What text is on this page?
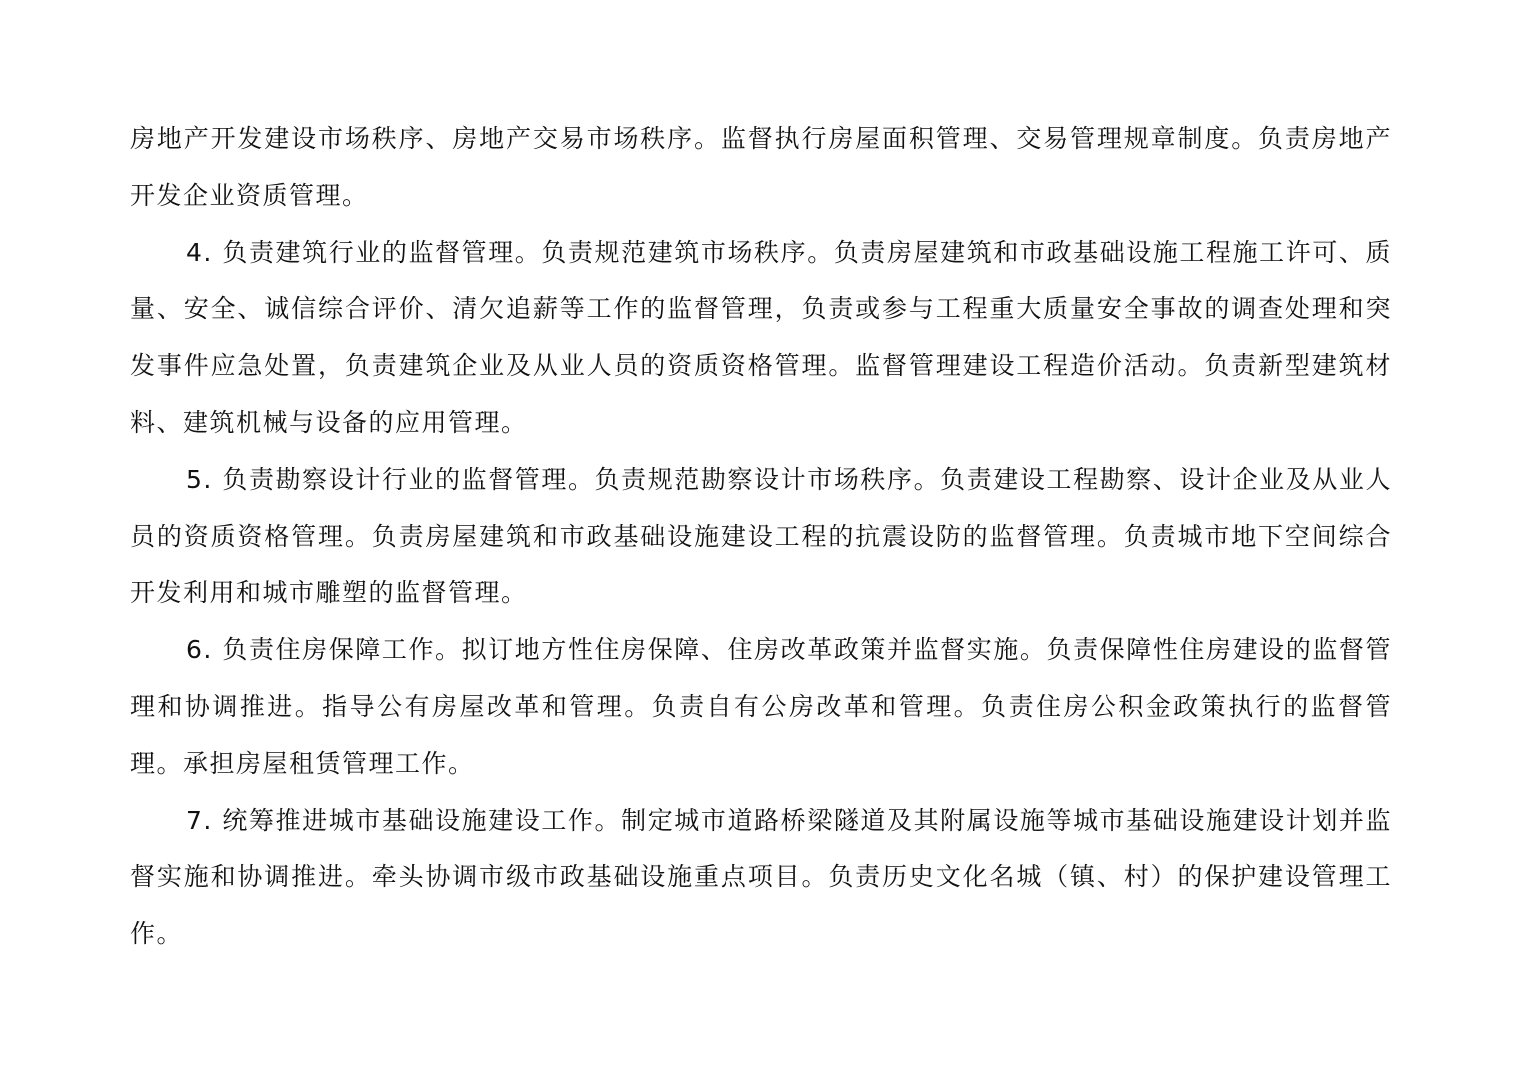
房地产开发建设市场秩序、房地产交易市场秩序。监督执行房屋面积管理、交易管理规章制度。负责房地产开发企业资质管理。

4. 负责建筑行业的监督管理。负责规范建筑市场秩序。负责房屋建筑和市政基础设施工程施工许可、质量、安全、诚信综合评价、清欠追薪等工作的监督管理，负责或参与工程重大质量安全事故的调查处理和突发事件应急处置，负责建筑企业及从业人员的资质资格管理。监督管理建设工程造价活动。负责新型建筑材料、建筑机械与设备的应用管理。

5. 负责勘察设计行业的监督管理。负责规范勘察设计市场秩序。负责建设工程勘察、设计企业及从业人员的资质资格管理。负责房屋建筑和市政基础设施建设工程的抗震设防的监督管理。负责城市地下空间综合开发利用和城市雕塑的监督管理。

6. 负责住房保障工作。拟订地方性住房保障、住房改革政策并监督实施。负责保障性住房建设的监督管理和协调推进。指导公有房屋改革和管理。负责自有公房改革和管理。负责住房公积金政策执行的监督管理。承担房屋租赁管理工作。

7. 统筹推进城市基础设施建设工作。制定城市道路桥梁隧道及其附属设施等城市基础设施建设计划并监督实施和协调推进。牵头协调市级市政基础设施重点项目。负责历史文化名城（镇、村）的保护建设管理工作。
